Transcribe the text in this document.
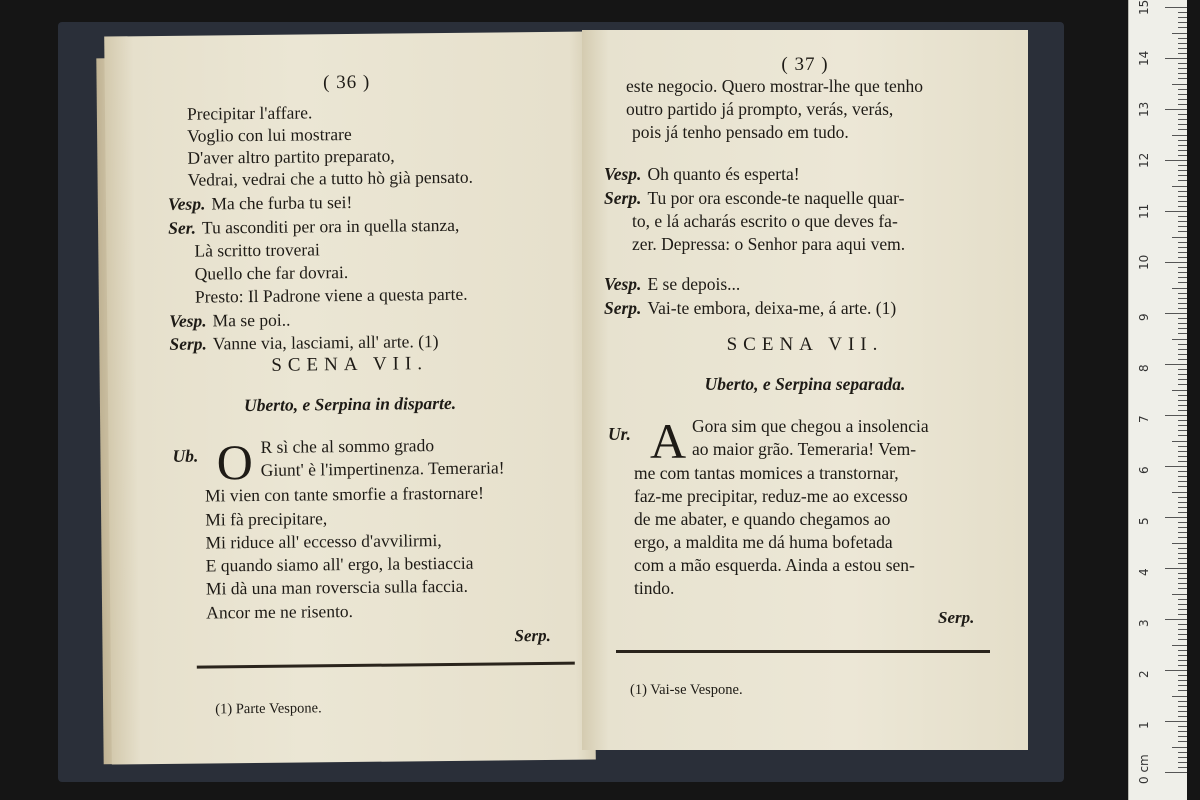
( 36 )
Precipitar l'affare.
Voglio con lui mostrare
D'aver altro partito preparato,
Vedrai, vedrai che a tutto hò già pensato.
Vesp. Ma che furba tu sei!
Ser. Tu asconditi per ora in quella stanza,
Là scritto troverai
Quello che far dovrai.
Presto: Il Padrone viene a questa parte.
Vesp. Ma se poi..
Serp. Vanne via, lasciami, all' arte. (1)
SCENA VII.
Uberto, e Serpina in disparte.
Ub. O R sì che al sommo grado
Giunt' è l'impertinenza. Temeraria!
Mi vien con tante smorfie a frastornare!
Mi fà precipitare,
Mi riduce all' eccesso d'avvilirmi,
E quando siamo all' ergo, la bestiaccia
Mi dà una man roverscia sulla faccia.
Ancor me ne risento.
Serp.
(1) Parte Vespone.
( 37 )
este negocio. Quero mostrar-lhe que tenho
outro partido já prompto, verás, verás,
pois já tenho pensado em tudo.
Vesp. Oh quanto és esperta!
Serp. Tu por ora esconde-te naquelle quar-
to, e lá acharás escrito o que deves fa-
zer. Depressa: o Senhor para aqui vem.
Vesp. E se depois...
Serp. Vai-te embora, deixa-me, á arte. (1)
SCENA VII.
Uberto, e Serpina separada.
Ur. A Gora sim que chegou a insolencia
ao maior grão. Temeraria! Vem-
me com tantas momices a transtornar,
faz-me precipitar, reduz-me ao excesso
de me abater, e quando chegamos ao
ergo, a maldita me dá huma bofetada
com a mão esquerda. Ainda a estou sen-
tindo.
Serp.
(1) Vai-se Vespone.
0 cm
1
2
3
4
5
6
7
8
9
10
11
12
13
14
15
